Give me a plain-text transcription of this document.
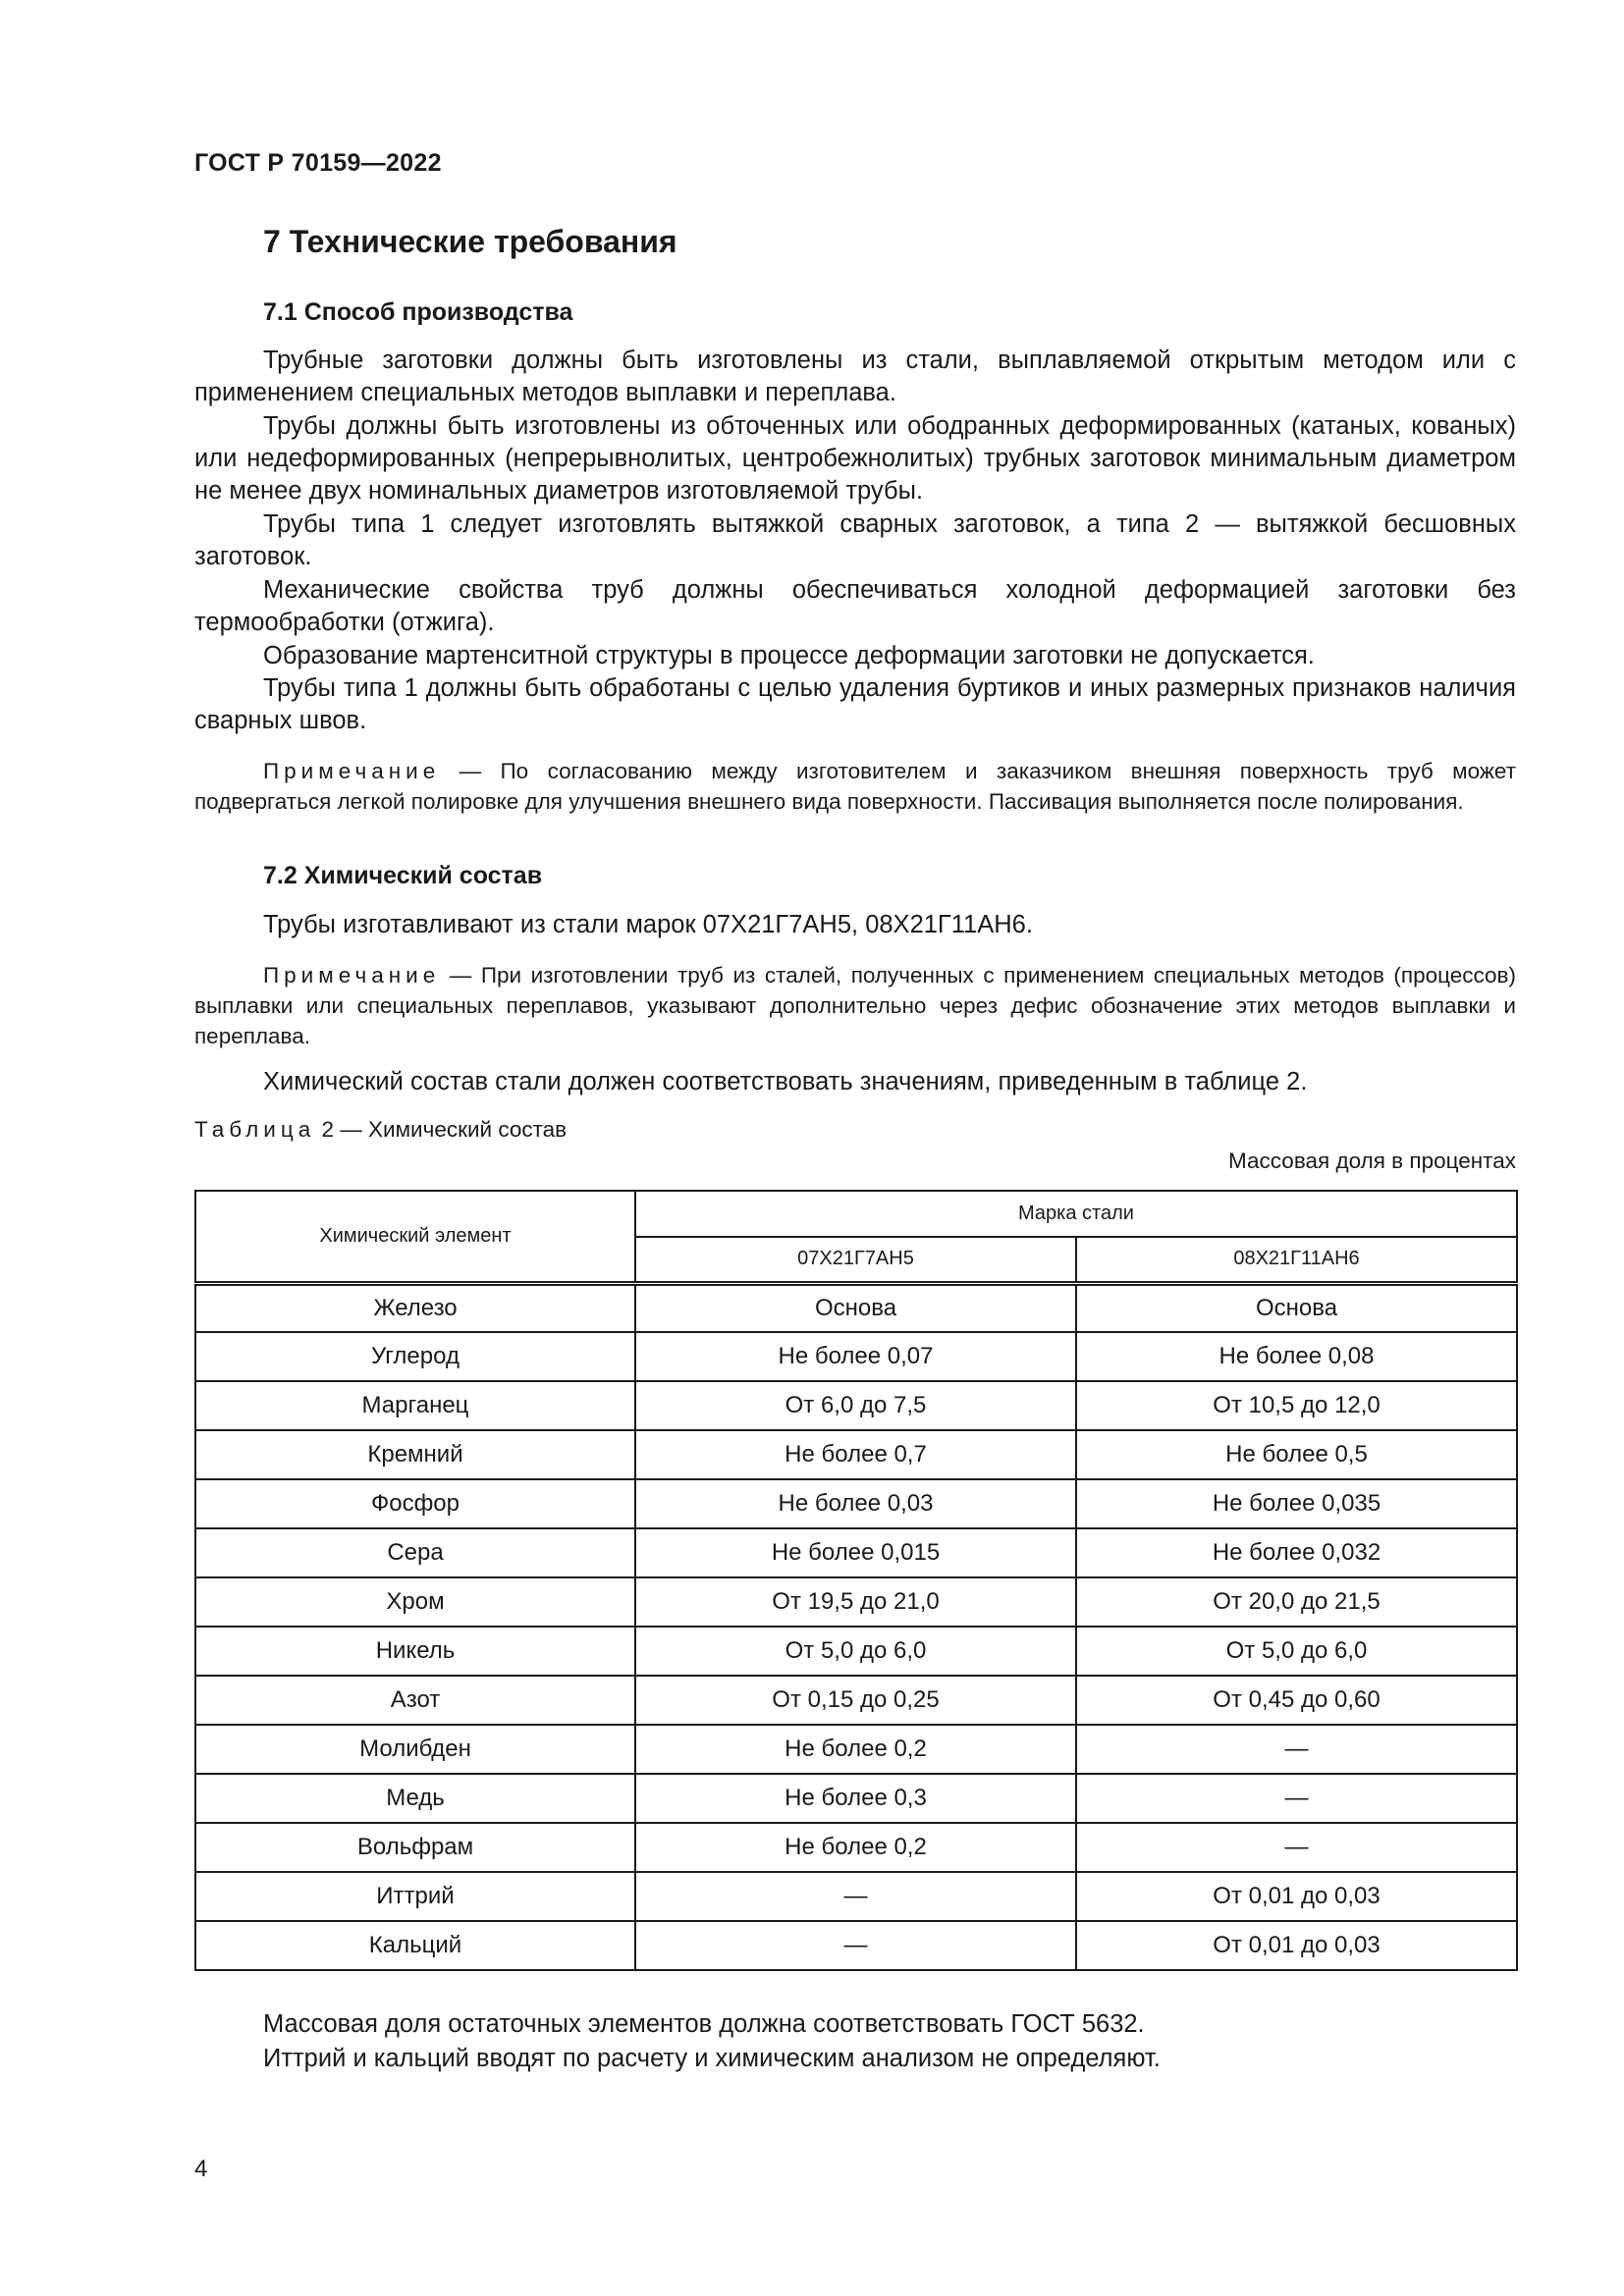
ГОСТ Р 70159—2022
7 Технические требования
7.1 Способ производства

Трубные заготовки должны быть изготовлены из стали, выплавляемой открытым методом или с применением специальных методов выплавки и переплава.

Трубы должны быть изготовлены из обточенных или ободранных деформированных (катаных, кованых) или недеформированных (непрерывнолитых, центробежнолитых) трубных заготовок минимальным диаметром не менее двух номинальных диаметров изготовляемой трубы.

Трубы типа 1 следует изготовлять вытяжкой сварных заготовок, а типа 2 — вытяжкой бесшовных заготовок.

Механические свойства труб должны обеспечиваться холодной деформацией заготовки без термообработки (отжига).

Образование мартенситной структуры в процессе деформации заготовки не допускается.

Трубы типа 1 должны быть обработаны с целью удаления буртиков и иных размерных признаков наличия сварных швов.

Примечание — По согласованию между изготовителем и заказчиком внешняя поверхность труб может подвергаться легкой полировке для улучшения внешнего вида поверхности. Пассивация выполняется после полирования.

7.2 Химический состав

Трубы изготавливают из стали марок 07Х21Г7АН5, 08Х21Г11АН6.

Примечание — При изготовлении труб из сталей, полученных с применением специальных методов (процессов) выплавки или специальных переплавов, указывают дополнительно через дефис обозначение этих методов выплавки и переплава.

Химический состав стали должен соответствовать значениям, приведенным в таблице 2.

Таблица 2 — Химический состав
Массовая доля в процентах
Химический элемент	Марка стали	
	07Х21Г7АН5	08Х21Г11АН6
Железо	Основа	Основа
Углерод	Не более 0,07	Не более 0,08
Марганец	От 6,0 до 7,5	От 10,5 до 12,0
Кремний	Не более 0,7	Не более 0,5
Фосфор	Не более 0,03	Не более 0,035
Сера	Не более 0,015	Не более 0,032
Хром	От 19,5 до 21,0	От 20,0 до 21,5
Никель	От 5,0 до 6,0	От 5,0 до 6,0
Азот	От 0,15 до 0,25	От 0,45 до 0,60
Молибден	Не более 0,2	—
Медь	Не более 0,3	—
Вольфрам	Не более 0,2	—
Иттрий	—	От 0,01 до 0,03
Кальций	—	От 0,01 до 0,03

Массовая доля остаточных элементов должна соответствовать ГОСТ 5632.

Иттрий и кальций вводят по расчету и химическим анализом не определяют.

4
